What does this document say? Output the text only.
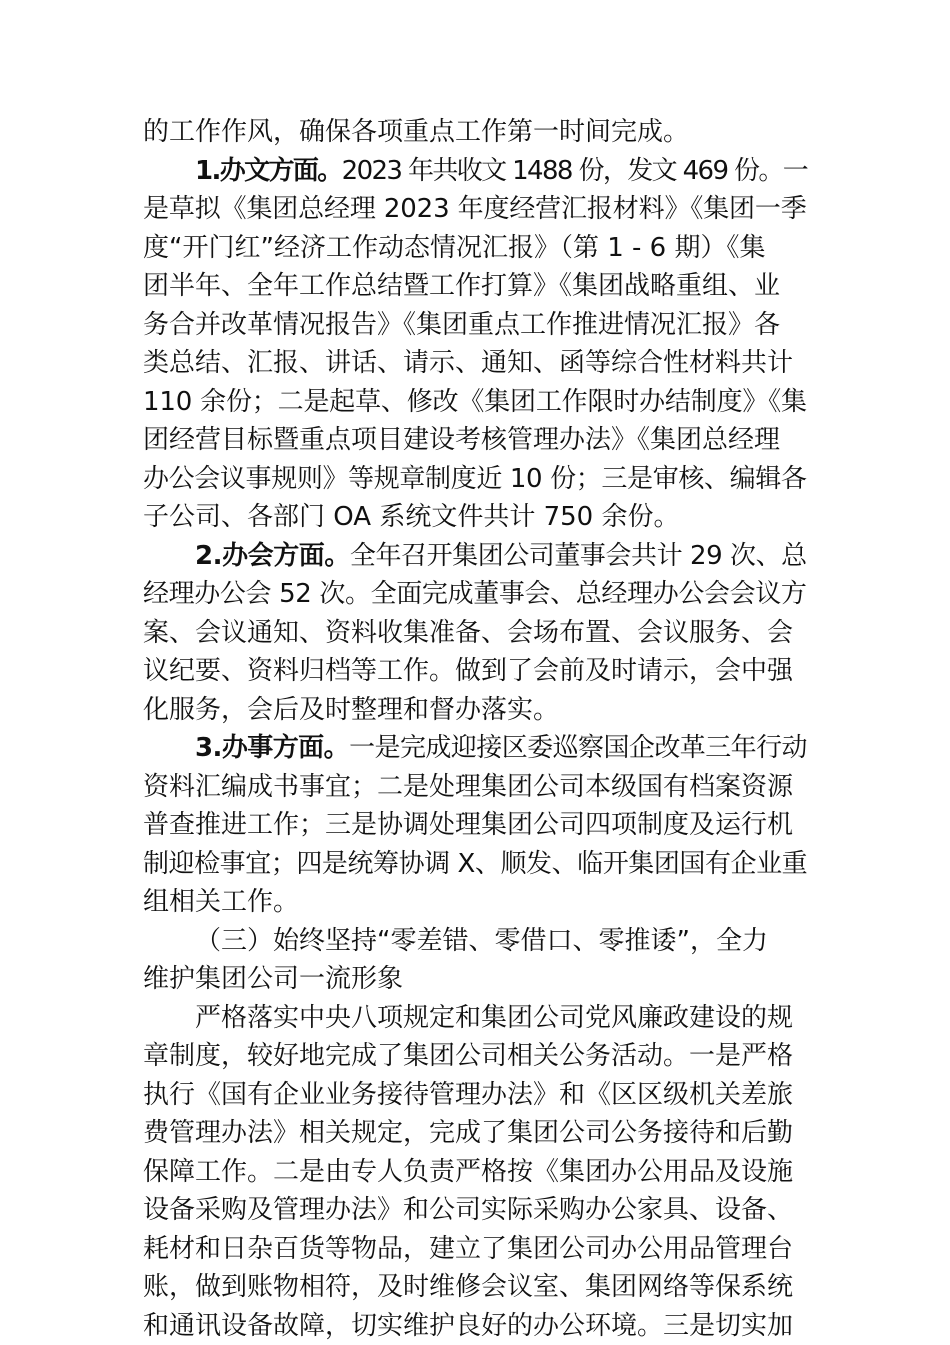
的工作作风，确保各项重点工作第一时间完成。
1.办文方面。2023 年共收文 1488 份，发文 469 份。一
是草拟《集团总经理 2023 年度经营汇报材料》《集团一季
度“开门红”经济工作动态情况汇报》（第 1 - 6 期）《集
团半年、全年工作总结暨工作打算》《集团战略重组、业
务合并改革情况报告》《集团重点工作推进情况汇报》各
类总结、汇报、讲话、请示、通知、函等综合性材料共计
110 余份；二是起草、修改《集团工作限时办结制度》《集
团经营目标暨重点项目建设考核管理办法》《集团总经理
办公会议事规则》等规章制度近 10 份；三是审核、编辑各
子公司、各部门 OA 系统文件共计 750 余份。
2.办会方面。全年召开集团公司董事会共计 29 次、总
经理办公会 52 次。全面完成董事会、总经理办公会会议方
案、会议通知、资料收集准备、会场布置、会议服务、会
议纪要、资料归档等工作。做到了会前及时请示，会中强
化服务，会后及时整理和督办落实。
3.办事方面。一是完成迎接区委巡察国企改革三年行动
资料汇编成书事宜；二是处理集团公司本级国有档案资源
普查推进工作；三是协调处理集团公司四项制度及运行机
制迎检事宜；四是统筹协调 X、顺发、临开集团国有企业重
组相关工作。
（三）始终坚持“零差错、零借口、零推诿”，全力
维护集团公司一流形象
严格落实中央八项规定和集团公司党风廉政建设的规
章制度，较好地完成了集团公司相关公务活动。一是严格
执行《国有企业业务接待管理办法》和《区区级机关差旅
费管理办法》相关规定，完成了集团公司公务接待和后勤
保障工作。二是由专人负责严格按《集团办公用品及设施
设备采购及管理办法》和公司实际采购办公家具、设备、
耗材和日杂百货等物品，建立了集团公司办公用品管理台
账，做到账物相符，及时维修会议室、集团网络等保系统
和通讯设备故障，切实维护良好的办公环境。三是切实加
